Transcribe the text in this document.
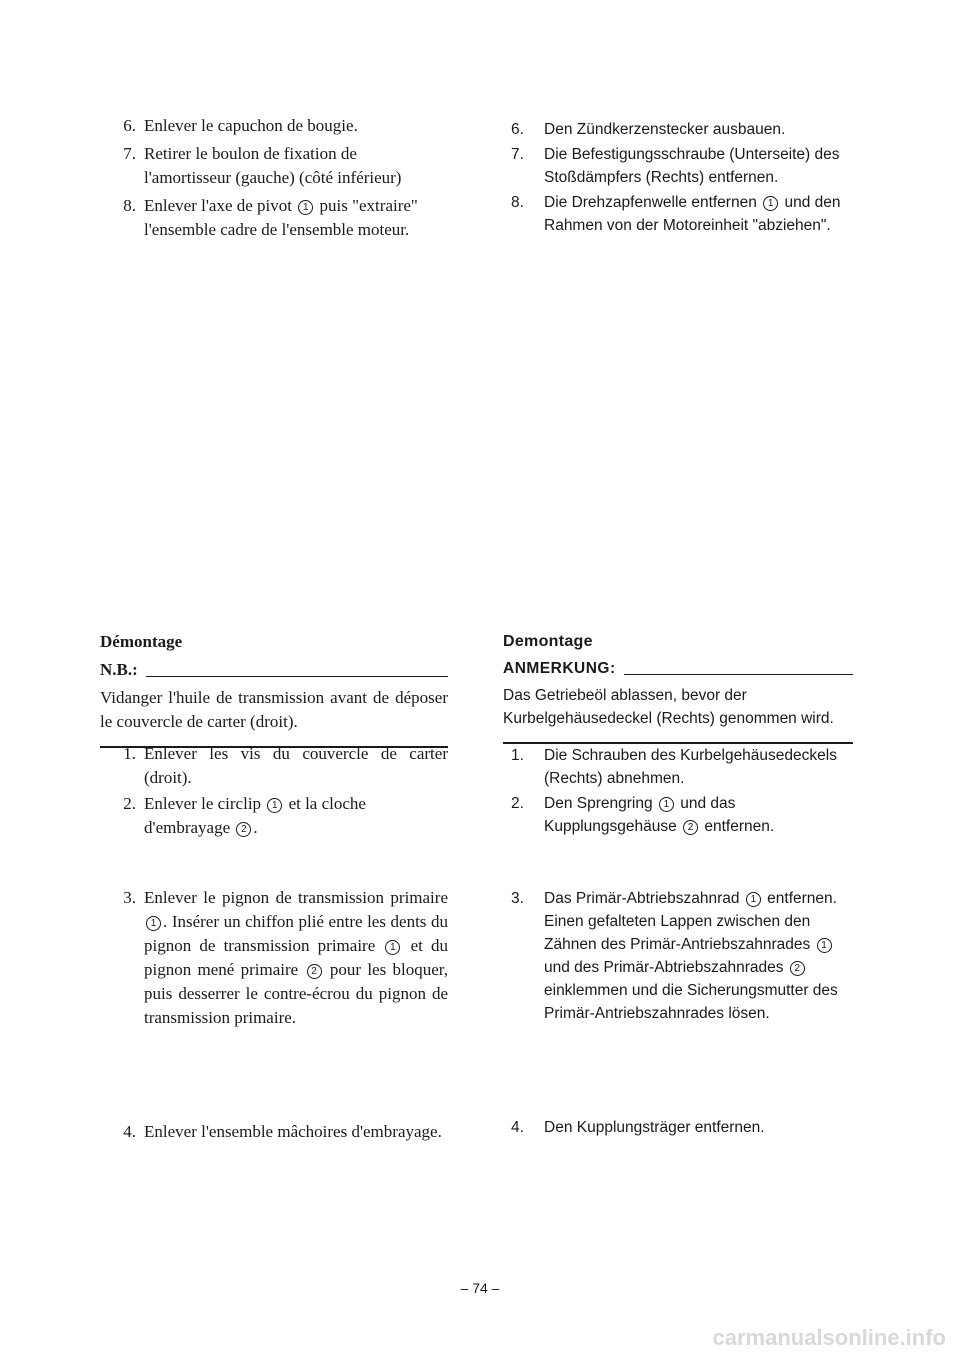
6. Enlever le capuchon de bougie.
7. Retirer le boulon de fixation de l'amortisseur (gauche) (côté inférieur)
8. Enlever l'axe de pivot 1 puis "extraire" l'ensemble cadre de l'ensemble moteur.
6.	Den Zündkerzenstecker ausbauen.
7.	Die Befestigungsschraube (Unterseite) des Stoßdämpfers (Rechts) entfernen.
8.	Die Drehzapfenwelle entfernen 1 und den Rahmen von der Motoreinheit "abziehen".
Démontage
N.B.:
Vidanger l'huile de transmission avant de déposer le couvercle de carter (droit).
Demontage
ANMERKUNG:
Das Getriebeöl ablassen, bevor der Kurbelgehäusedeckel (Rechts) genommen wird.
1. Enlever les vis du couvercle de carter (droit).
2. Enlever le circlip 1 et la cloche d'embrayage 2 .
1.	Die Schrauben des Kurbelgehäusedeckels (Rechts) abnehmen.
2.	Den Sprengring 1 und das Kupplungsgehäuse 2 entfernen.
3. Enlever le pignon de transmission primaire 1 . Insérer un chiffon plié entre les dents du pignon de transmission primaire 1 et du pignon mené primaire 2 pour les bloquer, puis desserrer le contre-écrou du pignon de transmission primaire.
3.	Das Primär-Abtriebszahnrad 1 entfernen.
Einen gefalteten Lappen zwischen den Zähnen des Primär-Antriebszahnrades 1 und des Primär-Abtriebszahnrades 2 einklemmen und die Sicherungsmutter des Primär-Antriebszahnrades lösen.
4. Enlever l'ensemble mâchoires d'embrayage.	4.	Den Kupplungsträger entfernen.
– 74 –
carmanualsonline.info
